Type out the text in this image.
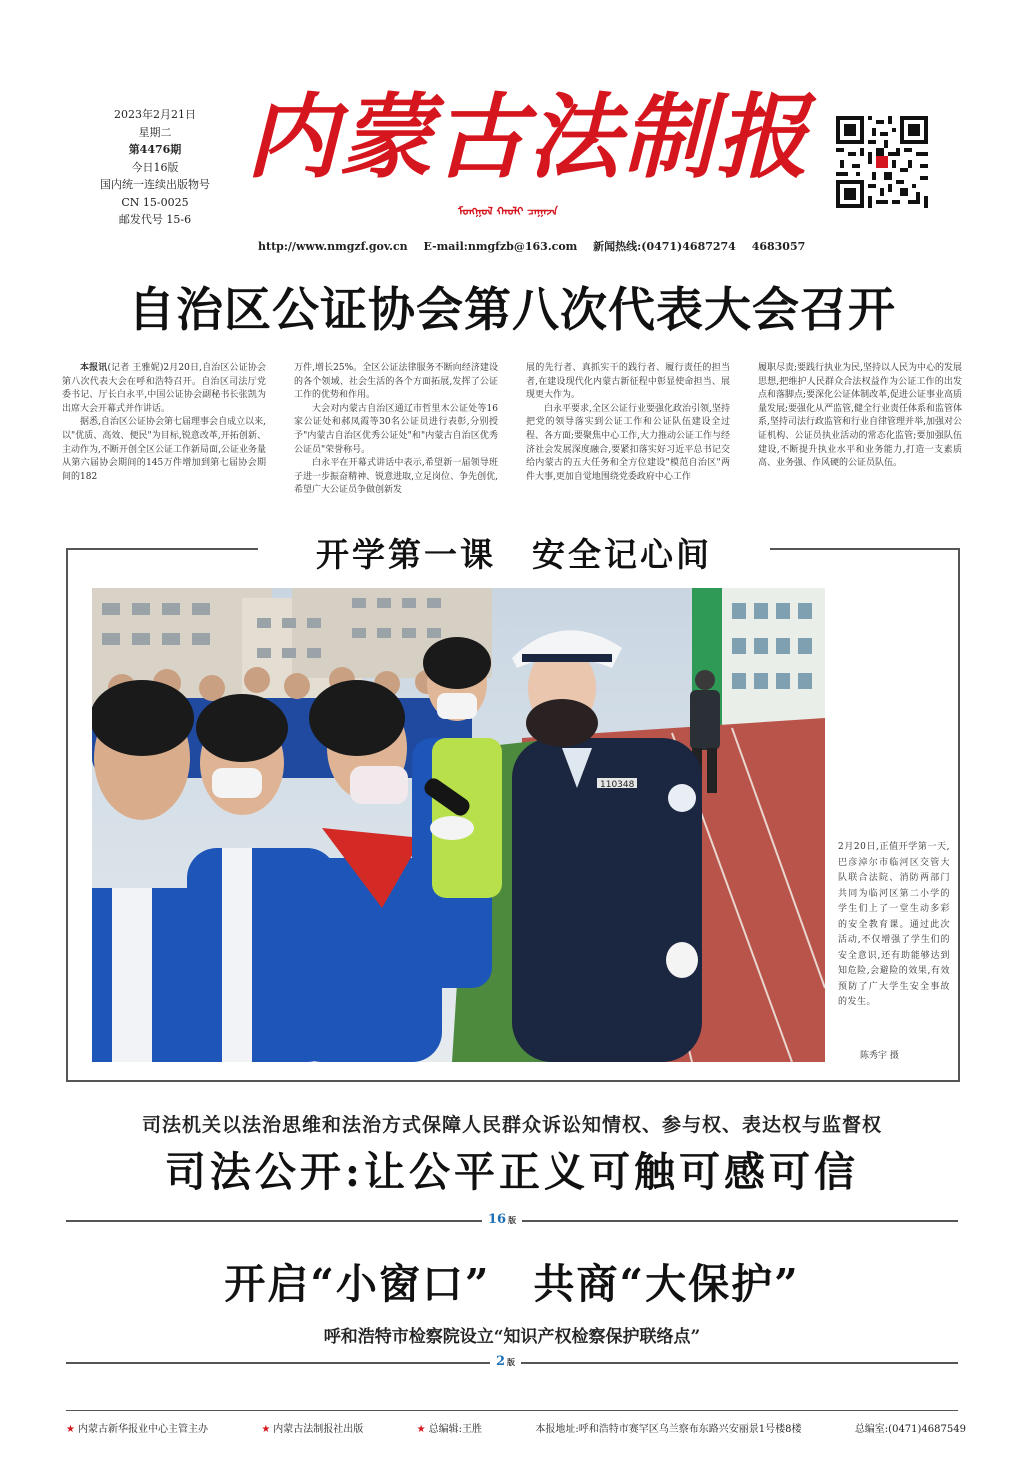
2023年2月21日
星期二
第4476期
今日16版
国内统一连续出版物号
CN 15-0025
邮发代号 15-6
内蒙古法制报
ᠮᠣᠩᠭᠣᠯ ᠬᠠᠤᠯᠢ ᠴᠠᠭᠠᠵᠠ
http://www.nmgzf.gov.cn E-mail:nmgfzb@163.com 新闻热线:(0471)4687274 4683057
自治区公证协会第八次代表大会召开

本报讯(记者 王雅妮)2月20日,自治区公证协会第八次代表大会在呼和浩特召开。自治区司法厅党委书记、厅长白永平,中国公证协会副秘书长张凯为出席大会开幕式并作讲话。

据悉,自治区公证协会第七届理事会自成立以来,以"优质、高效、便民"为目标,锐意改革,开拓创新、主动作为,不断开创全区公证工作新局面,公证业务量从第六届协会期间的145万件增加到第七届协会期间的182

万件,增长25%。全区公证法律服务不断向经济建设的各个领域、社会生活的各个方面拓展,发挥了公证工作的优势和作用。

大会对内蒙古自治区通辽市哲里木公证处等16家公证处和郝凤霞等30名公证员进行表彰,分别授予"内蒙古自治区优秀公证处"和"内蒙古自治区优秀公证员"荣誉称号。

白永平在开幕式讲话中表示,希望新一届领导班子进一步振奋精神、锐意进取,立足岗位、争先创优,希望广大公证员争做创新发

展的先行者、真抓实干的践行者、履行责任的担当者,在建设现代化内蒙古新征程中彰显使命担当、展现更大作为。

白永平要求,全区公证行业要强化政治引领,坚持把党的领导落实到公证工作和公证队伍建设全过程、各方面;要聚焦中心工作,大力推动公证工作与经济社会发展深度融合,要紧扣落实好习近平总书记交给内蒙古的五大任务和全方位建设"模范自治区"两件大事,更加自觉地围绕党委政府中心工作

履职尽责;要践行执业为民,坚持以人民为中心的发展思想,把维护人民群众合法权益作为公证工作的出发点和落脚点;要深化公证体制改革,促进公证事业高质量发展;要强化从严监管,健全行业责任体系和监管体系,坚持司法行政监管和行业自律管理并举,加强对公证机构、公证员执业活动的常态化监管;要加强队伍建设,不断提升执业水平和业务能力,打造一支素质高、业务强、作风硬的公证员队伍。

开学第一课　安全记心间
110348
2月20日,正值开学第一天,巴彦淖尔市临河区交管大队联合法院、消防两部门共同为临河区第二小学的学生们上了一堂生动多彩的安全教育课。通过此次活动,不仅增强了学生们的安全意识,还有助能够达到知危险,会避险的效果,有效预防了广大学生安全事故的发生。
陈秀宇 摄
司法机关以法治思维和法治方式保障人民群众诉讼知情权、参与权、表达权与监督权
司法公开:让公平正义可触可感可信
16 版
开启“小窗口”　共商“大保护”
呼和浩特市检察院设立“知识产权检察保护联络点”
2 版
★ 内蒙古新华报业中心主管主办	★ 内蒙古法制报社出版	★ 总编辑:王胜	本报地址:呼和浩特市赛罕区乌兰察布东路兴安丽景1号楼8楼	总编室:(0471)4687549
